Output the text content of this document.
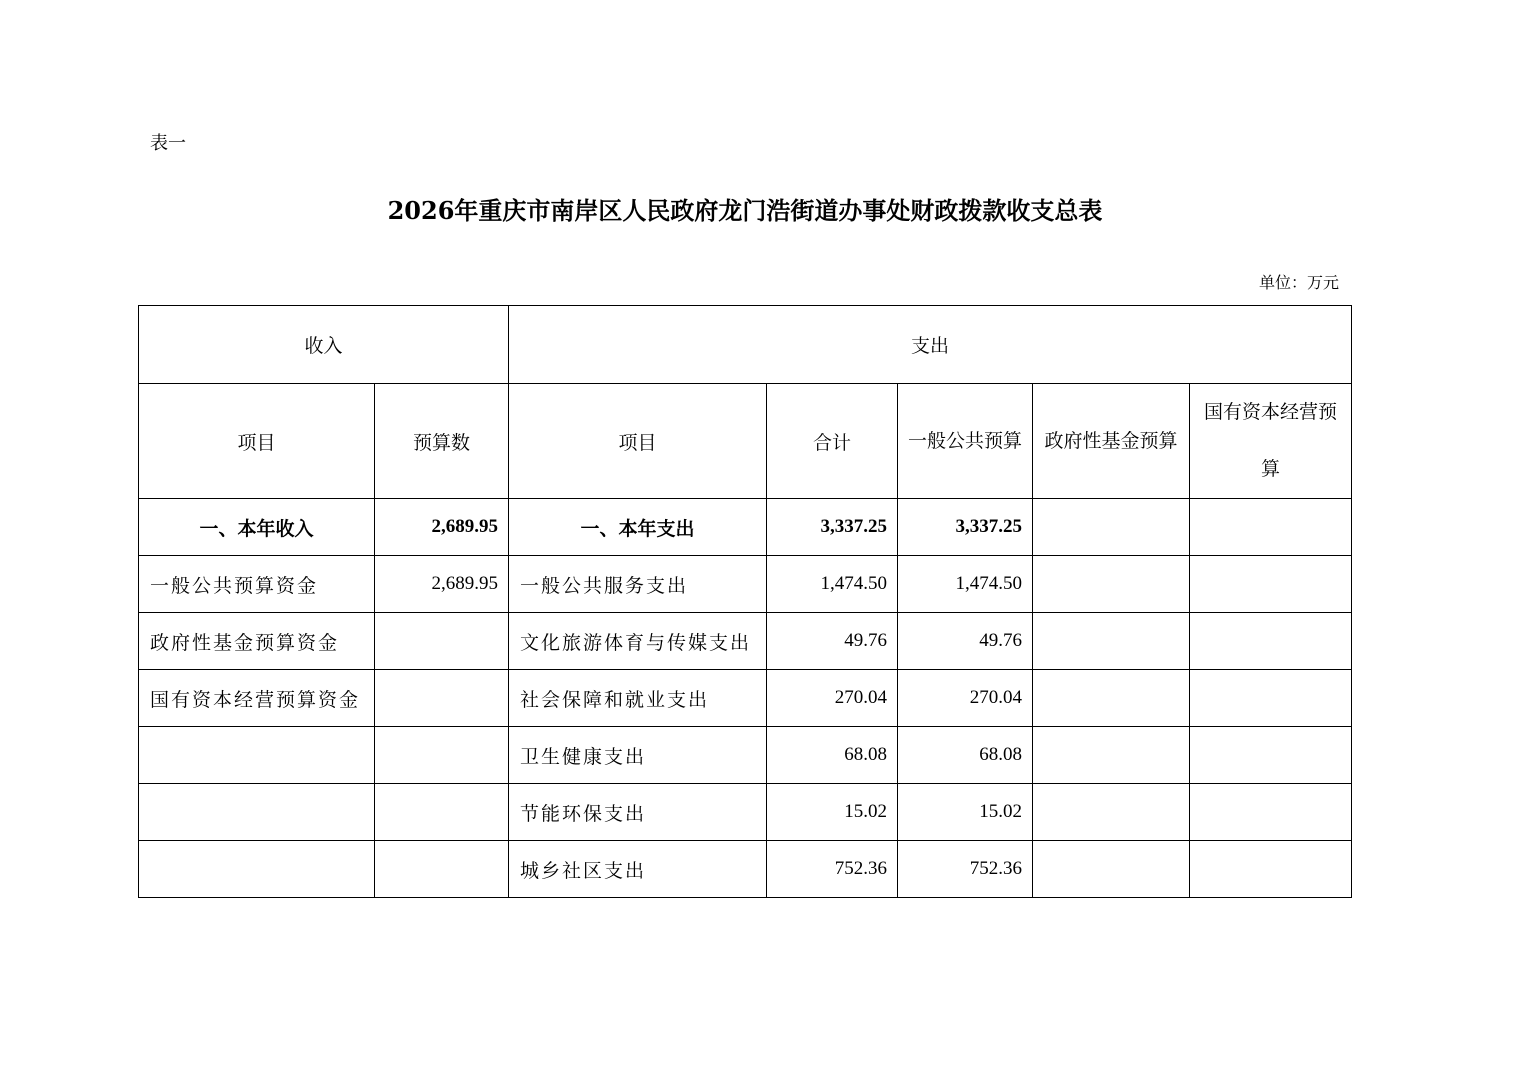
表一
2026年重庆市南岸区人民政府龙门浩街道办事处财政拨款收支总表
单位：万元
收入		支出				
项目	预算数	项目	合计	一般公共预算	政府性基金预算	国有资本经营预算
一、本年收入	2,689.95	一、本年支出	3,337.25	3,337.25		
一般公共预算资金	2,689.95	一般公共服务支出	1,474.50	1,474.50		
政府性基金预算资金		文化旅游体育与传媒支出	49.76	49.76		
国有资本经营预算资金		社会保障和就业支出	270.04	270.04		
		卫生健康支出	68.08	68.08		
		节能环保支出	15.02	15.02		
		城乡社区支出	752.36	752.36		
